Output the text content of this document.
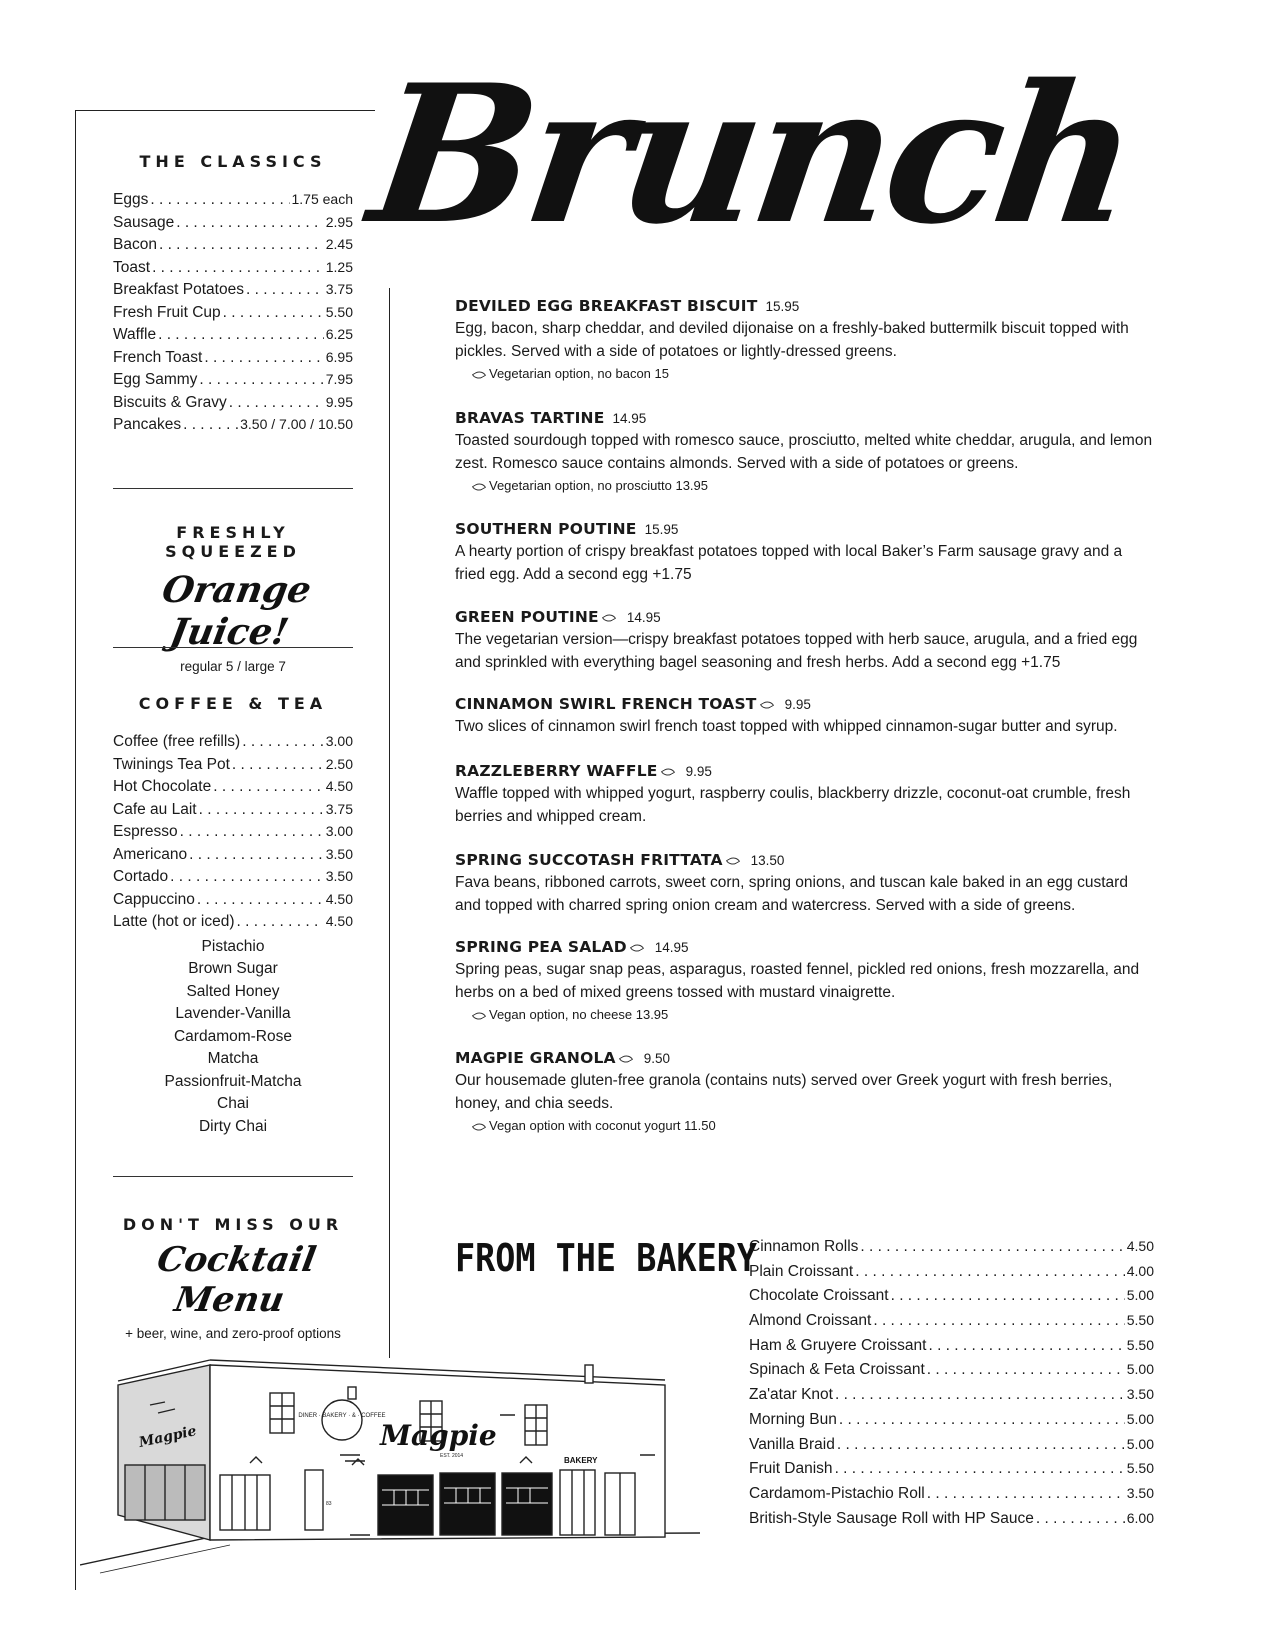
Brunch
THE CLASSICS
Eggs . . .	1.75 each
Sausage . . .	2.95
Bacon . . .	2.45
Toast . . .	1.25
Breakfast Potatoes . . .	3.75
Fresh Fruit Cup . . .	5.50
Waffle . . .	6.25
French Toast . . .	6.95
Egg Sammy . . .	7.95
Biscuits & Gravy . . .	9.95
Pancakes . . .	3.50 / 7.00 / 10.50
FRESHLY SQUEEZED
Orange Juice!
regular 5 / large 7
COFFEE & TEA
Coffee (free refills) . . .	3.00
Twinings Tea Pot . . .	2.50
Hot Chocolate . . .	4.50
Cafe au Lait . . .	3.75
Espresso . . .	3.00
Americano . . .	3.50
Cortado . . .	3.50
Cappuccino . . .	4.50
Latte (hot or iced) . . .	4.50
Pistachio
Brown Sugar
Salted Honey
Lavender-Vanilla
Cardamom-Rose
Matcha
Passionfruit-Matcha
Chai
Dirty Chai
DON'T MISS OUR
Cocktail Menu
+ beer, wine, and zero-proof options
DEVILED EGG BREAKFAST BISCUIT 15.95
Egg, bacon, sharp cheddar, and deviled dijonaise on a freshly-baked buttermilk biscuit topped with pickles. Served with a side of potatoes or lightly-dressed greens.
Vegetarian option, no bacon 15
BRAVAS TARTINE 14.95
Toasted sourdough topped with romesco sauce, prosciutto, melted white cheddar, arugula, and lemon zest. Romesco sauce contains almonds. Served with a side of potatoes or greens.
Vegetarian option, no prosciutto 13.95
SOUTHERN POUTINE 15.95
A hearty portion of crispy breakfast potatoes topped with local Baker’s Farm sausage gravy and a fried egg. Add a second egg +1.75
GREEN POUTINE 14.95
The vegetarian version—crispy breakfast potatoes topped with herb sauce, arugula, and a fried egg and sprinkled with everything bagel seasoning and fresh herbs. Add a second egg +1.75
CINNAMON SWIRL FRENCH TOAST 9.95
Two slices of cinnamon swirl french toast topped with whipped cinnamon-sugar butter and syrup.
RAZZLEBERRY WAFFLE 9.95
Waffle topped with whipped yogurt, raspberry coulis, blackberry drizzle, coconut-oat crumble, fresh berries and whipped cream.
SPRING SUCCOTASH FRITTATA 13.50
Fava beans, ribboned carrots, sweet corn, spring onions, and tuscan kale baked in an egg custard and topped with charred spring onion cream and watercress. Served with a side of greens.
SPRING PEA SALAD 14.95
Spring peas, sugar snap peas, asparagus, roasted fennel, pickled red onions, fresh mozzarella, and herbs on a bed of mixed greens tossed with mustard vinaigrette.
Vegan option, no cheese 13.95
MAGPIE GRANOLA 9.50
Our housemade gluten-free granola (contains nuts) served over Greek yogurt with fresh berries, honey, and chia seeds.
Vegan option with coconut yogurt 11.50
FROM THE BAKERY
Cinnamon Rolls . . .	4.50
Plain Croissant . . .	4.00
Chocolate Croissant . . .	5.00
Almond Croissant . . .	5.50
Ham & Gruyere Croissant . . .	5.50
Spinach & Feta Croissant . . .	5.00
Za'atar Knot . . .	3.50
Morning Bun . . .	5.00
Vanilla Braid . . .	5.00
Fruit Danish . . .	5.50
Cardamom-Pistachio Roll . . .	3.50
British-Style Sausage Roll with HP Sauce . . .	6.00
DINER · BAKERY · & · COFFEE
Magpie
EST. 2014
Magpie
BAKERY
83
